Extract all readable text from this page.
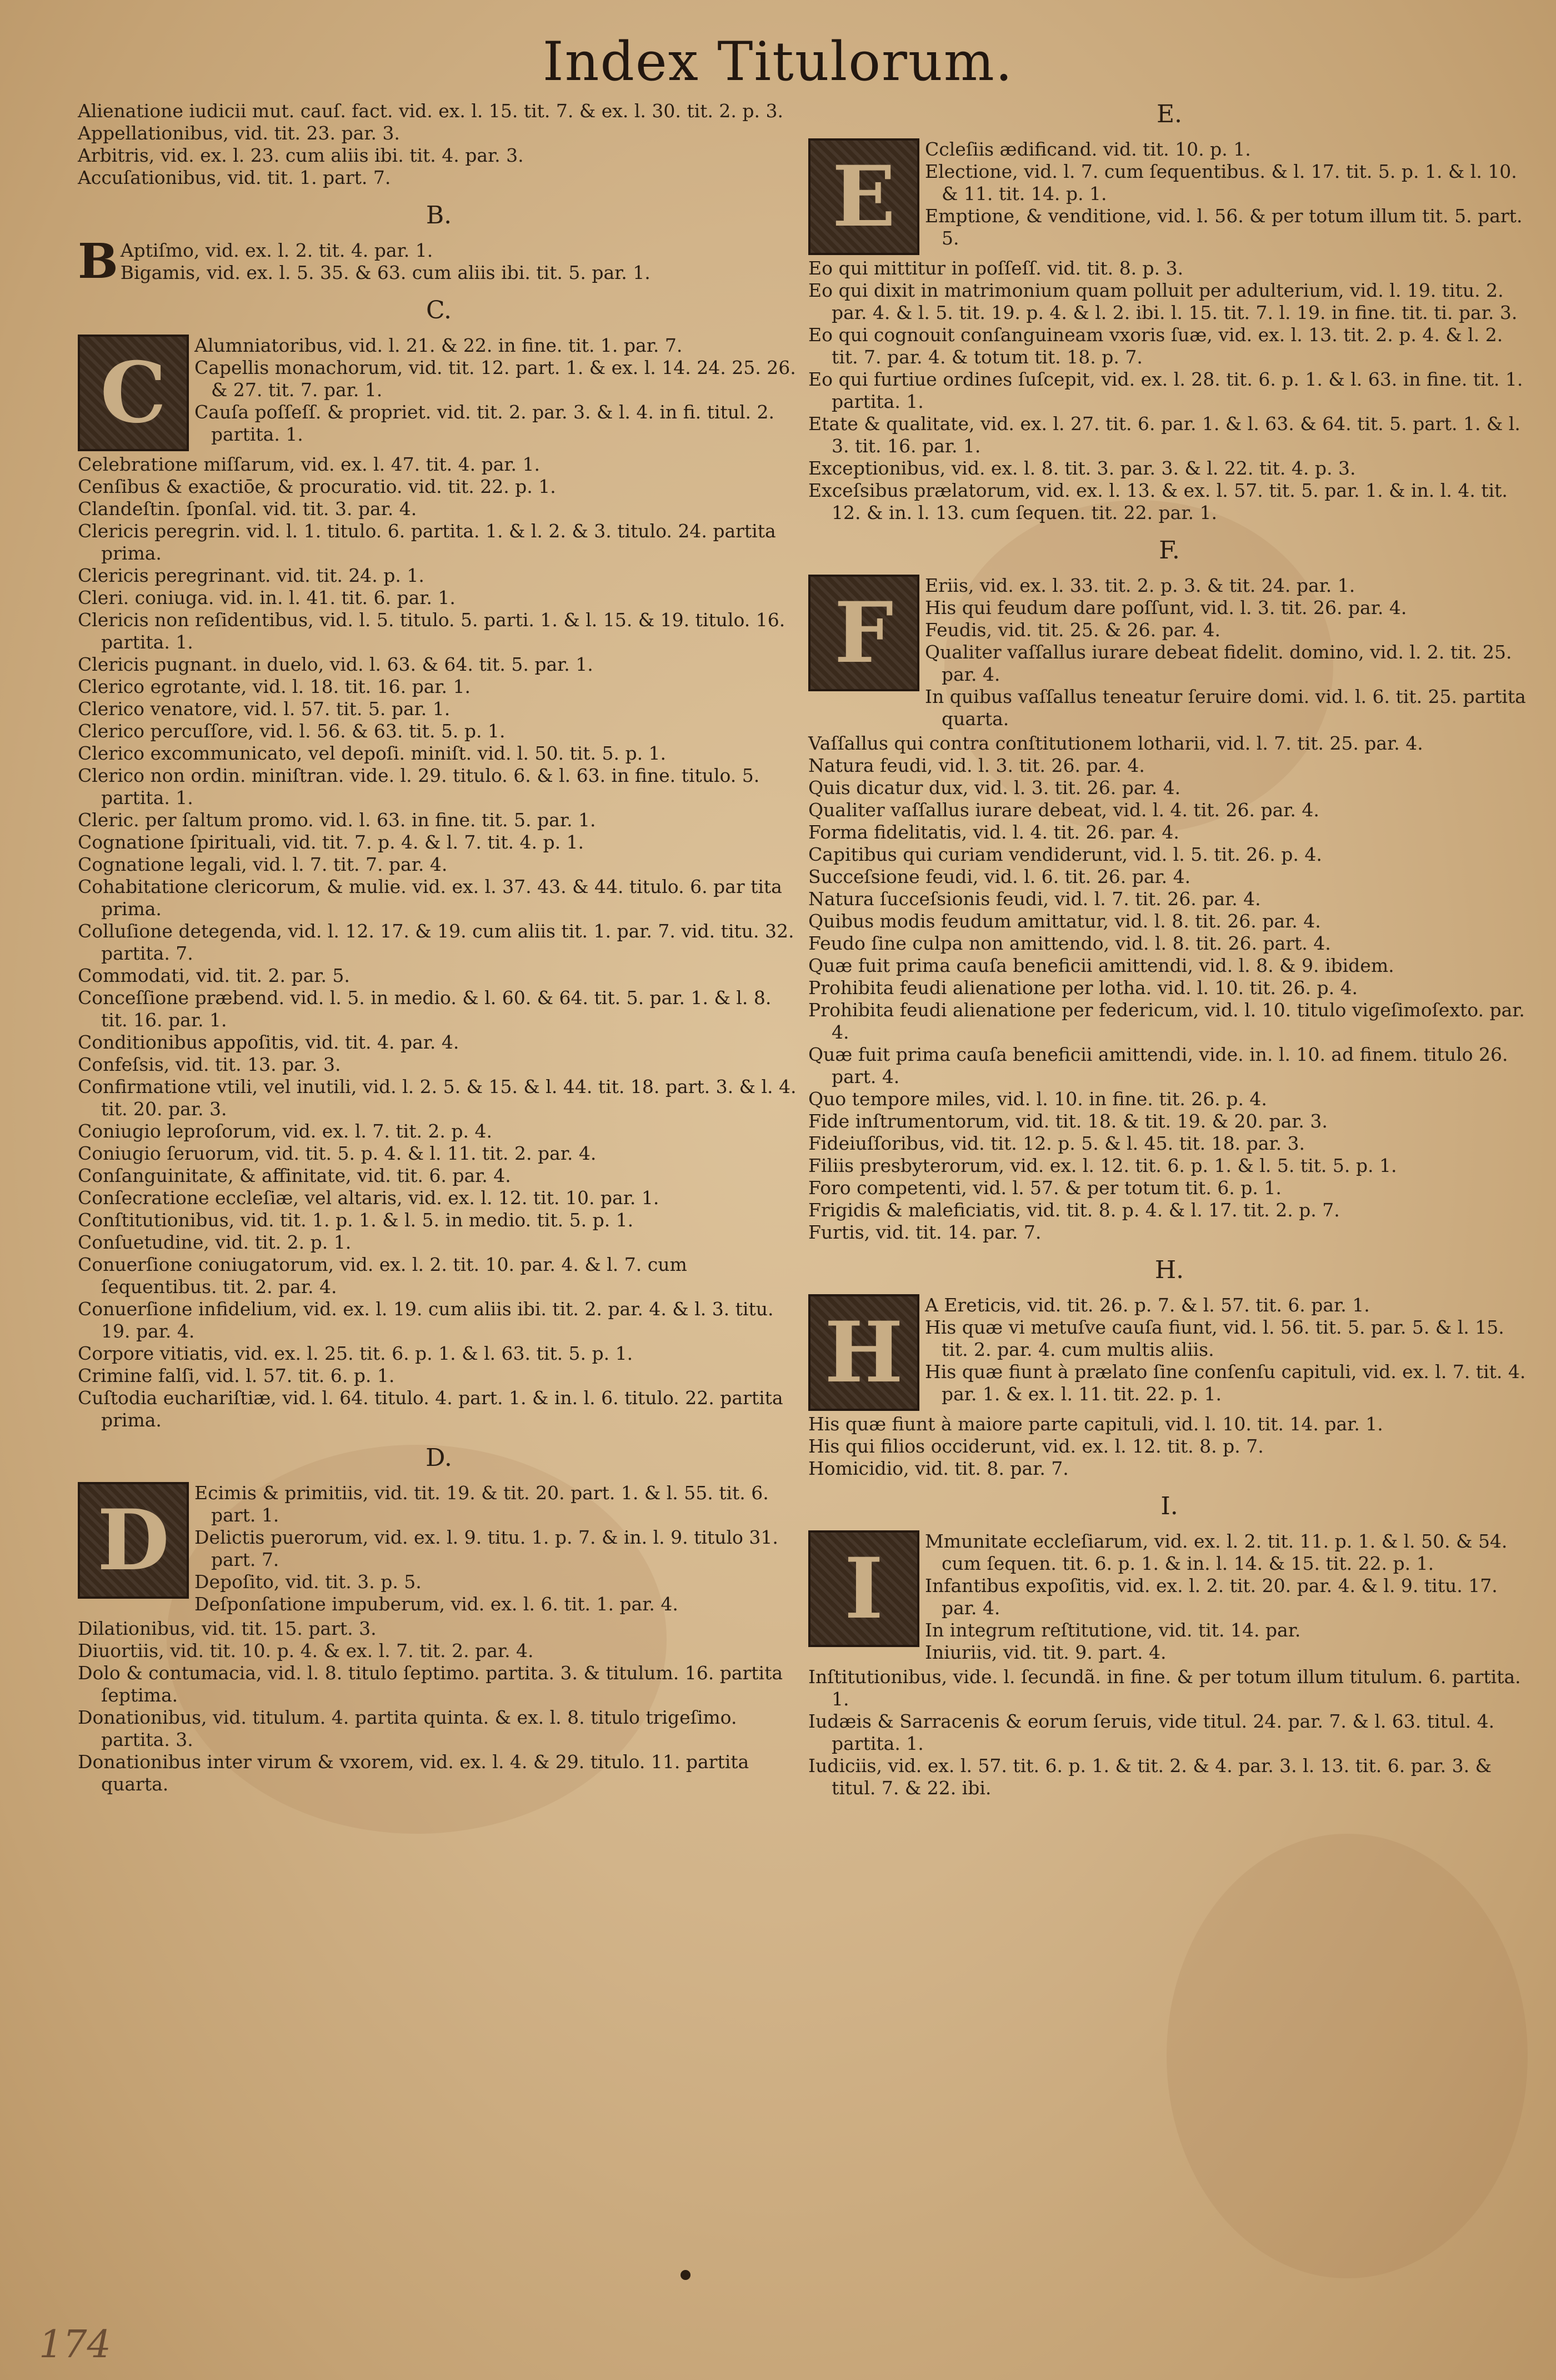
Index Titulorum.
Alienatione iudicii mut. cauſ. fact. vid. ex. l. 15. tit. 7. & ex. l. 30. tit. 2. p. 3.
Appellationibus, vid. tit. 23. par. 3.
Arbitris, vid. ex. l. 23. cum aliis ibi. tit. 4. par. 3.
Accuſationibus, vid. tit. 1. part. 7.
B.
B Aptiſmo, vid. ex. l. 2. tit. 4. par. 1.
Bigamis, vid. ex. l. 5. 35. & 63. cum aliis ibi. tit. 5. par. 1.
C.
C	Alumniatoribus, vid. l. 21. & 22. in fine. tit. 1. par. 7.
Capellis monachorum, vid. tit. 12. part. 1. & ex. l. 14. 24. 25. 26. & 27. tit. 7. par. 1.
Cauſa poſſeſſ. & propriet. vid. tit. 2. par. 3. & l. 4. in fi. titul. 2. partita. 1.
Celebratione miſſarum, vid. ex. l. 47. tit. 4. par. 1.
Cenſibus & exactiōe, & procuratio. vid. tit. 22. p. 1.
Clandeſtin. ſponſal. vid. tit. 3. par. 4.
Clericis peregrin. vid. l. 1. titulo. 6. partita. 1. & l. 2. & 3. titulo. 24. partita prima.
Clericis peregrinant. vid. tit. 24. p. 1.
Cleri. coniuga. vid. in. l. 41. tit. 6. par. 1.
Clericis non reſidentibus, vid. l. 5. titulo. 5. parti. 1. & l. 15. & 19. titulo. 16. partita. 1.
Clericis pugnant. in duelo, vid. l. 63. & 64. tit. 5. par. 1.
Clerico egrotante, vid. l. 18. tit. 16. par. 1.
Clerico venatore, vid. l. 57. tit. 5. par. 1.
Clerico percuſſore, vid. l. 56. & 63. tit. 5. p. 1.
Clerico excommunicato, vel depoſi. miniſt. vid. l. 50. tit. 5. p. 1.
Clerico non ordin. miniſtran. vide. l. 29. titulo. 6. & l. 63. in fine. titulo. 5. partita. 1.
Cleric. per ſaltum promo. vid. l. 63. in fine. tit. 5. par. 1.
Cognatione ſpirituali, vid. tit. 7. p. 4. & l. 7. tit. 4. p. 1.
Cognatione legali, vid. l. 7. tit. 7. par. 4.
Cohabitatione clericorum, & mulie. vid. ex. l. 37. 43. & 44. titulo. 6. par tita prima.
Colluſione detegenda, vid. l. 12. 17. & 19. cum aliis tit. 1. par. 7. vid. titu. 32. partita. 7.
Commodati, vid. tit. 2. par. 5.
Conceſſione præbend. vid. l. 5. in medio. & l. 60. & 64. tit. 5. par. 1. & l. 8. tit. 16. par. 1.
Conditionibus appoſitis, vid. tit. 4. par. 4.
Confeſsis, vid. tit. 13. par. 3.
Confirmatione vtili, vel inutili, vid. l. 2. 5. & 15. & l. 44. tit. 18. part. 3. & l. 4. tit. 20. par. 3.
Coniugio leproſorum, vid. ex. l. 7. tit. 2. p. 4.
Coniugio ſeruorum, vid. tit. 5. p. 4. & l. 11. tit. 2. par. 4.
Conſanguinitate, & affinitate, vid. tit. 6. par. 4.
Conſecratione eccleſiæ, vel altaris, vid. ex. l. 12. tit. 10. par. 1.
Conſtitutionibus, vid. tit. 1. p. 1. & l. 5. in medio. tit. 5. p. 1.
Conſuetudine, vid. tit. 2. p. 1.
Conuerſione coniugatorum, vid. ex. l. 2. tit. 10. par. 4. & l. 7. cum ſequentibus. tit. 2. par. 4.
Conuerſione infidelium, vid. ex. l. 19. cum aliis ibi. tit. 2. par. 4. & l. 3. titu. 19. par. 4.
Corpore vitiatis, vid. ex. l. 25. tit. 6. p. 1. & l. 63. tit. 5. p. 1.
Crimine falſi, vid. l. 57. tit. 6. p. 1.
Cuſtodia euchariſtiæ, vid. l. 64. titulo. 4. part. 1. & in. l. 6. titulo. 22. partita prima.
D.
D	Ecimis & primitiis, vid. tit. 19. & tit. 20. part. 1. & l. 55. tit. 6. part. 1.
Delictis puerorum, vid. ex. l. 9. titu. 1. p. 7. & in. l. 9. titulo 31. part. 7.
Depoſito, vid. tit. 3. p. 5.
Deſponſatione impuberum, vid. ex. l. 6. tit. 1. par. 4.
Dilationibus, vid. tit. 15. part. 3.
Diuortiis, vid. tit. 10. p. 4. & ex. l. 7. tit. 2. par. 4.
Dolo & contumacia, vid. l. 8. titulo ſeptimo. partita. 3. & titulum. 16. partita ſeptima.
Donationibus, vid. titulum. 4. partita quinta. & ex. l. 8. titulo trigeſimo. partita. 3.
Donationibus inter virum & vxorem, vid. ex. l. 4. & 29. titulo. 11. partita quarta.
E.
E	Ccleſiis ædificand. vid. tit. 10. p. 1.
Electione, vid. l. 7. cum ſequentibus. & l. 17. tit. 5. p. 1. & l. 10. & 11. tit. 14. p. 1.
Emptione, & venditione, vid. l. 56. & per totum illum tit. 5. part. 5.
Eo qui mittitur in poſſeſſ. vid. tit. 8. p. 3.
Eo qui dixit in matrimonium quam polluit per adulterium, vid. l. 19. titu. 2. par. 4. & l. 5. tit. 19. p. 4. & l. 2. ibi. l. 15. tit. 7. l. 19. in fine. tit. ti. par. 3.
Eo qui cognouit conſanguineam vxoris ſuæ, vid. ex. l. 13. tit. 2. p. 4. & l. 2. tit. 7. par. 4. & totum tit. 18. p. 7.
Eo qui furtiue ordines ſuſcepit, vid. ex. l. 28. tit. 6. p. 1. & l. 63. in fine. tit. 1. partita. 1.
Etate & qualitate, vid. ex. l. 27. tit. 6. par. 1. & l. 63. & 64. tit. 5. part. 1. & l. 3. tit. 16. par. 1.
Exceptionibus, vid. ex. l. 8. tit. 3. par. 3. & l. 22. tit. 4. p. 3.
Exceſsibus prælatorum, vid. ex. l. 13. & ex. l. 57. tit. 5. par. 1. & in. l. 4. tit. 12. & in. l. 13. cum ſequen. tit. 22. par. 1.
F.
F	Eriis, vid. ex. l. 33. tit. 2. p. 3. & tit. 24. par. 1.
His qui feudum dare poſſunt, vid. l. 3. tit. 26. par. 4.
Feudis, vid. tit. 25. & 26. par. 4.
Qualiter vaſſallus iurare debeat fidelit. domino, vid. l. 2. tit. 25. par. 4.
In quibus vaſſallus teneatur ſeruire domi. vid. l. 6. tit. 25. partita quarta.
Vaſſallus qui contra conſtitutionem lotharii, vid. l. 7. tit. 25. par. 4.
Natura feudi, vid. l. 3. tit. 26. par. 4.
Quis dicatur dux, vid. l. 3. tit. 26. par. 4.
Qualiter vaſſallus iurare debeat, vid. l. 4. tit. 26. par. 4.
Forma fidelitatis, vid. l. 4. tit. 26. par. 4.
Capitibus qui curiam vendiderunt, vid. l. 5. tit. 26. p. 4.
Succeſsione feudi, vid. l. 6. tit. 26. par. 4.
Natura ſucceſsionis feudi, vid. l. 7. tit. 26. par. 4.
Quibus modis feudum amittatur, vid. l. 8. tit. 26. par. 4.
Feudo ſine culpa non amittendo, vid. l. 8. tit. 26. part. 4.
Quæ fuit prima cauſa beneficii amittendi, vid. l. 8. & 9. ibidem.
Prohibita feudi alienatione per lotha. vid. l. 10. tit. 26. p. 4.
Prohibita feudi alienatione per federicum, vid. l. 10. titulo vigeſimoſexto. par. 4.
Quæ fuit prima cauſa beneficii amittendi, vide. in. l. 10. ad finem. titulo 26. part. 4.
Quo tempore miles, vid. l. 10. in fine. tit. 26. p. 4.
Fide inſtrumentorum, vid. tit. 18. & tit. 19. & 20. par. 3.
Fideiuſſoribus, vid. tit. 12. p. 5. & l. 45. tit. 18. par. 3.
Filiis presbyterorum, vid. ex. l. 12. tit. 6. p. 1. & l. 5. tit. 5. p. 1.
Foro competenti, vid. l. 57. & per totum tit. 6. p. 1.
Frigidis & maleficiatis, vid. tit. 8. p. 4. & l. 17. tit. 2. p. 7.
Furtis, vid. tit. 14. par. 7.
H.
H	A Ereticis, vid. tit. 26. p. 7. & l. 57. tit. 6. par. 1.
His quæ vi metuſve cauſa fiunt, vid. l. 56. tit. 5. par. 5. & l. 15. tit. 2. par. 4. cum multis aliis.
His quæ fiunt à prælato ſine conſenſu capituli, vid. ex. l. 7. tit. 4. par. 1. & ex. l. 11. tit. 22. p. 1.
His quæ fiunt à maiore parte capituli, vid. l. 10. tit. 14. par. 1.
His qui filios occiderunt, vid. ex. l. 12. tit. 8. p. 7.
Homicidio, vid. tit. 8. par. 7.
I.
I	Mmunitate eccleſiarum, vid. ex. l. 2. tit. 11. p. 1. & l. 50. & 54. cum ſequen. tit. 6. p. 1. & in. l. 14. & 15. tit. 22. p. 1.
Infantibus expoſitis, vid. ex. l. 2. tit. 20. par. 4. & l. 9. titu. 17. par. 4.
In integrum reſtitutione, vid. tit. 14. par.
Iniuriis, vid. tit. 9. part. 4.
Inſtitutionibus, vide. l. ſecundã. in fine. & per totum illum titulum. 6. partita. 1.
Iudæis & Sarracenis & eorum ſeruis, vide titul. 24. par. 7. & l. 63. titul. 4. partita. 1.
Iudiciis, vid. ex. l. 57. tit. 6. p. 1. & tit. 2. & 4. par. 3. l. 13. tit. 6. par. 3. & titul. 7. & 22. ibi.
174
